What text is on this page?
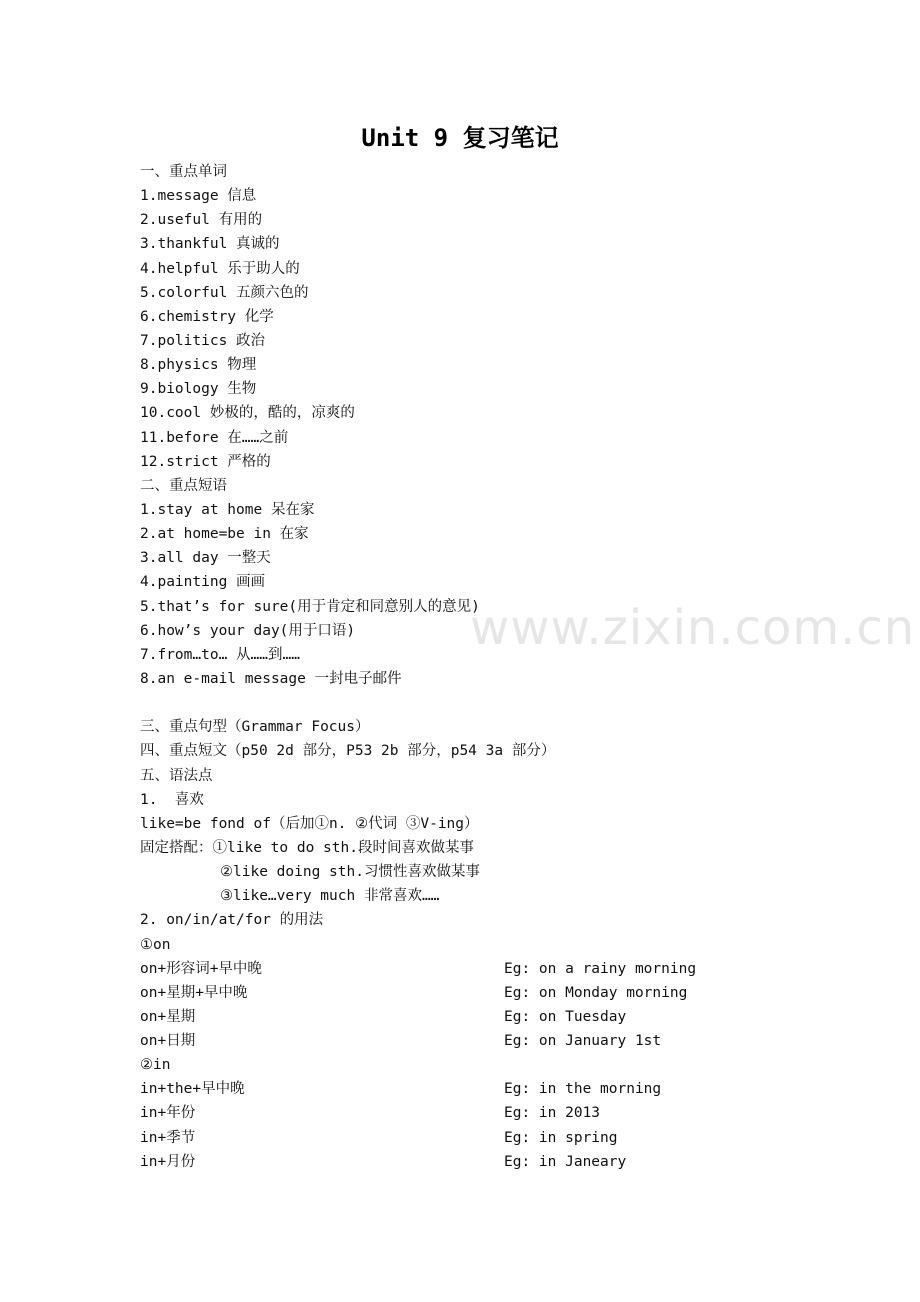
www.zixin.com.cn
Unit 9 复习笔记
一、重点单词
1.message 信息
2.useful 有用的
3.thankful 真诚的
4.helpful 乐于助人的
5.colorful 五颜六色的
6.chemistry 化学
7.politics 政治
8.physics 物理
9.biology 生物
10.cool 妙极的，酷的，凉爽的
11.before 在……之前
12.strict 严格的
二、重点短语
1.stay at home 呆在家
2.at home=be in 在家
3.all day 一整天
4.painting 画画
5.that’s for sure(用于肯定和同意别人的意见)
6.how’s your day(用于口语)
7.from…to… 从……到……
8.an e-mail message 一封电子邮件
三、重点句型（Grammar Focus）
四、重点短文（p50 2d 部分，P53 2b 部分，p54 3a 部分）
五、语法点
1.  喜欢
like=be fond of（后加①n. ②代词 ③V-ing）
固定搭配：①like to do sth.段时间喜欢做某事
②like doing sth.习惯性喜欢做某事
③like…very much 非常喜欢……
2. on/in/at/for 的用法
①on
on+形容词+早中晚	Eg: on a rainy morning
on+星期+早中晚	Eg: on Monday morning
on+星期	Eg: on Tuesday
on+日期	Eg: on January 1st
②in
in+the+早中晚	Eg: in the morning
in+年份	Eg: in 2013
in+季节	Eg: in spring
in+月份	Eg: in Janeary
